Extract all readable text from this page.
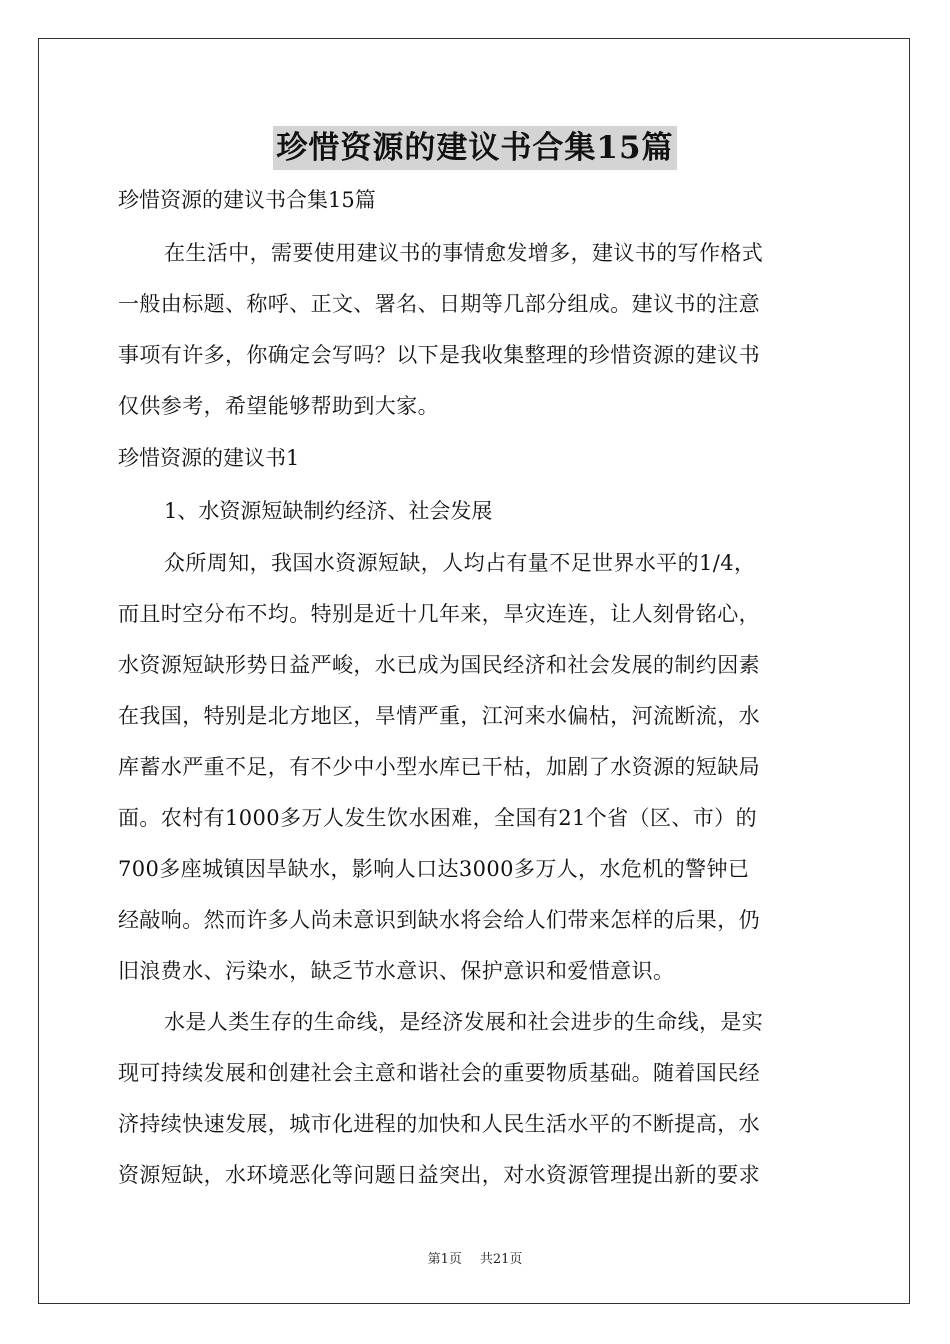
珍惜资源的建议书合集15篇
珍惜资源的建议书合集15篇
在生活中，需要使用建议书的事情愈发增多，建议书的写作格式
一般由标题、称呼、正文、署名、日期等几部分组成。建议书的注意
事项有许多，你确定会写吗？以下是我收集整理的珍惜资源的建议书
仅供参考，希望能够帮助到大家。
珍惜资源的建议书1
1、水资源短缺制约经济、社会发展
众所周知，我国水资源短缺，人均占有量不足世界水平的1/4，
而且时空分布不均。特别是近十几年来，旱灾连连，让人刻骨铭心，
水资源短缺形势日益严峻，水已成为国民经济和社会发展的制约因素
在我国，特别是北方地区，旱情严重，江河来水偏枯，河流断流，水
库蓄水严重不足，有不少中小型水库已干枯，加剧了水资源的短缺局
面。农村有1000多万人发生饮水困难，全国有21个省（区、市）的
700多座城镇因旱缺水，影响人口达3000多万人，水危机的警钟已
经敲响。然而许多人尚未意识到缺水将会给人们带来怎样的后果，仍
旧浪费水、污染水，缺乏节水意识、保护意识和爱惜意识。
水是人类生存的生命线，是经济发展和社会进步的生命线，是实
现可持续发展和创建社会主意和谐社会的重要物质基础。随着国民经
济持续快速发展，城市化进程的加快和人民生活水平的不断提高，水
资源短缺，水环境恶化等问题日益突出，对水资源管理提出新的要求
第1页 共21页
